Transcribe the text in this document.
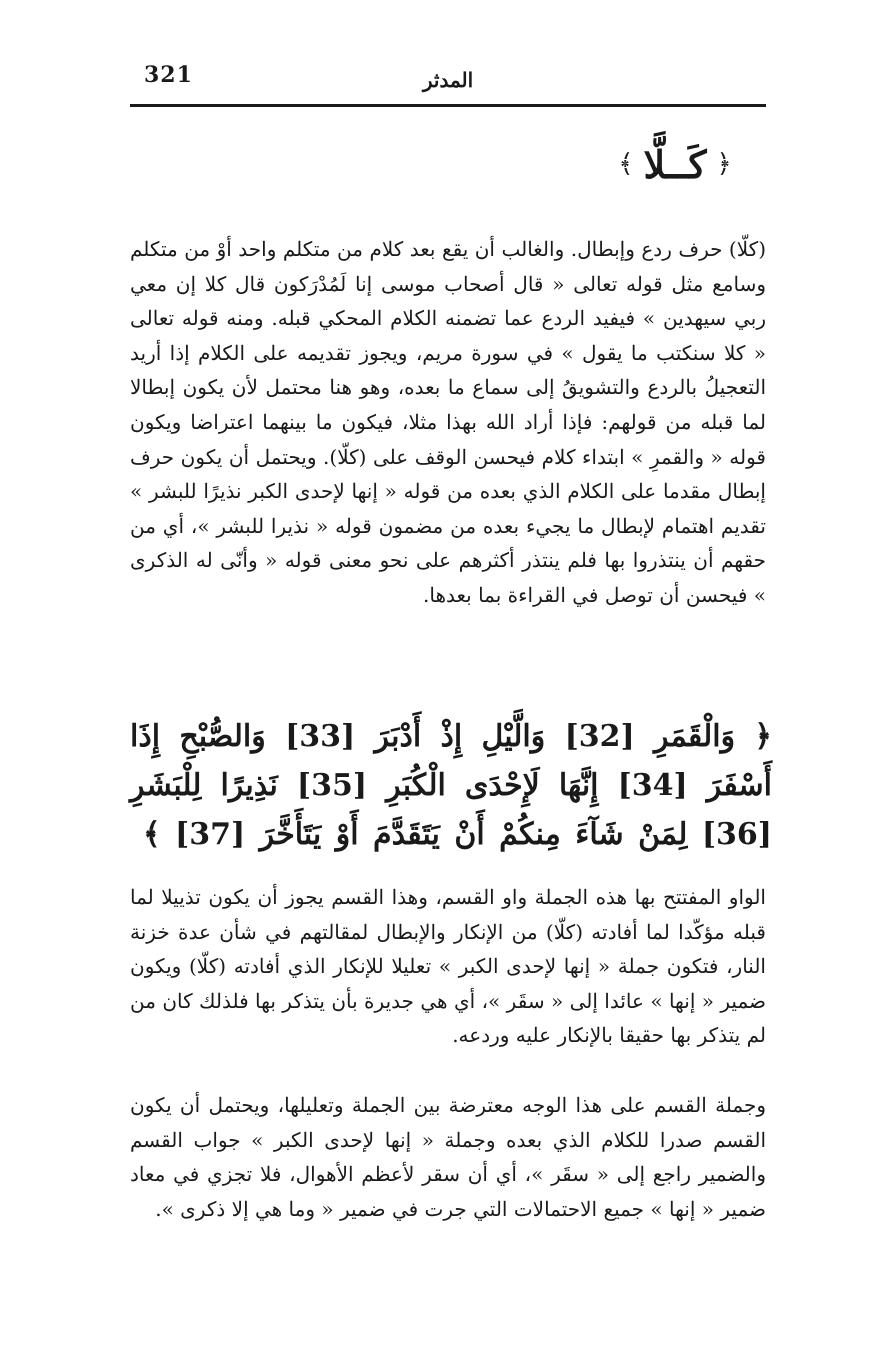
321	المدثر
﴿
كَــلَّا
﴾

(كلّا) حرف ردع وإبطال. والغالب أن يقع بعد كلام من متكلم واحد أوْ من متكلم وسامع مثل قوله تعالى « قال أصحاب موسى إنا لَمُدْرَكون قال كلا إن معي ربي سيهدين » فيفيد الردع عما تضمنه الكلام المحكي قبله. ومنه قوله تعالى « كلا سنكتب ما يقول » في سورة مريم، ويجوز تقديمه على الكلام إذا أريد التعجيلُ بالردع والتشويقُ إلى سماع ما بعده، وهو هنا محتمل لأن يكون إبطالا لما قبله من قولهم: فإذا أراد الله بهذا مثلا، فيكون ما بينهما اعتراضا ويكون قوله « والقمرِ » ابتداء كلام فيحسن الوقف على (كلّا). ويحتمل أن يكون حرف إبطال مقدما على الكلام الذي بعده من قوله « إنها لإحدى الكبر نذيرًا للبشر » تقديم اهتمام لإبطال ما يجيء بعده من مضمون قوله « نذيرا للبشر »، أي من حقهم أن ينتذروا بها فلم ينتذر أكثرهم على نحو معنى قوله « وأنّى له الذكرى » فيحسن أن توصل في القراءة بما بعدها.

﴿ وَالْقَمَرِ [32] وَالَّيْلِ إِذْ أَدْبَرَ [33] وَالصُّبْحِ إِذَا أَسْفَرَ [34] إِنَّهَا لَإِحْدَى الْكُبَرِ [35] نَذِيرًا لِلْبَشَرِ [36] لِمَنْ شَآءَ مِنكُمْ أَنْ يَتَقَدَّمَ أَوْ يَتَأَخَّرَ [37] ﴾

الواو المفتتح بها هذه الجملة واو القسم، وهذا القسم يجوز أن يكون تذييلا لما قبله مؤكّدا لما أفادته (كلّا) من الإنكار والإبطال لمقالتهم في شأن عدة خزنة النار، فتكون جملة « إنها لإحدى الكبر » تعليلا للإنكار الذي أفادته (كلّا) ويكون ضمير « إنها » عائدا إلى « سقَر »، أي هي جديرة بأن يتذكر بها فلذلك كان من لم يتذكر بها حقيقا بالإنكار عليه وردعه.

وجملة القسم على هذا الوجه معترضة بين الجملة وتعليلها، ويحتمل أن يكون القسم صدرا للكلام الذي بعده وجملة « إنها لإحدى الكبر » جواب القسم والضمير راجع إلى « سقَر »، أي أن سقر لأعظم الأهوال، فلا تجزي في معاد ضمير « إنها » جميع الاحتمالات التي جرت في ضمير « وما هي إلا ذكرى ».
